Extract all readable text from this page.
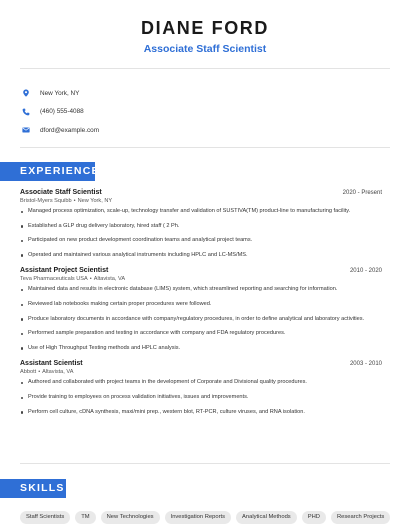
DIANE FORD
Associate Staff Scientist
New York, NY
(460) 555-4088
dford@example.com
EXPERIENCE
Associate Staff Scientist	2020 - Present
Bristol-Myers Squibb • New York, NY
Managed process optimization, scale-up, technology transfer and validation of SUSTIVA(TM) product-line to manufacturing facility.
Established a GLP drug delivery laboratory, hired staff ( 2 Ph.
Participated on new product development coordination teams and analytical project teams.
Operated and maintained various analytical instruments including HPLC and LC-MS/MS.
Assistant Project Scientist	2010 - 2020
Teva Pharmaceuticals USA • Altavista, VA
Maintained data and results in electronic database (LIMS) system, which streamlined reporting and searching for information.
Reviewed lab notebooks making certain proper procedures were followed.
Produce laboratory documents in accordance with company/regulatory procedures, in order to define analytical and laboratory activities.
Performed sample preparation and testing in accordance with company and FDA regulatory procedures.
Use of High Throughput Testing methods and HPLC analysis.
Assistant Scientist	2003 - 2010
Abbott • Altavista, VA
Authored and collaborated with project teams in the development of Corporate and Divisional quality procedures.
Provide training to employees on process validation initiatives, issues and improvements.
Perform cell culture, cDNA synthesis, maxi/mini prep., western blot, RT-PCR, culture viruses, and RNA isolation.
SKILLS
Staff Scientists	TM	New Technologies	Investigation Reports	Analytical Methods	PHD	Research Projects
